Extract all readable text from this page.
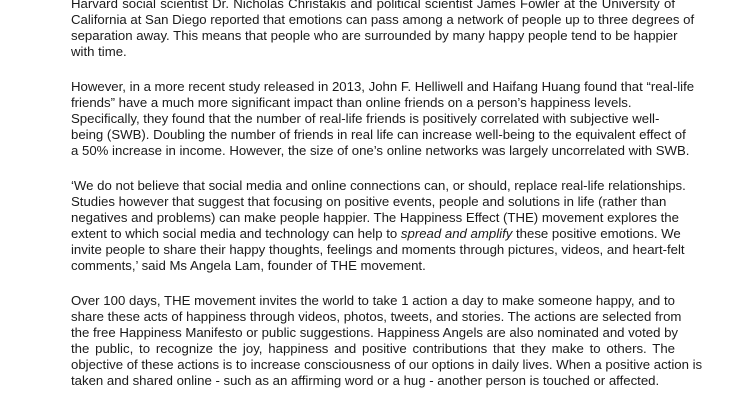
Harvard social scientist Dr. Nicholas Christakis and political scientist James Fowler at the University of
California at San Diego reported that emotions can pass among a network of people up to three degrees of
separation away. This means that people who are surrounded by many happy people tend to be happier
with time.
However, in a more recent study released in 2013, John F. Helliwell and Haifang Huang found that “real-life
friends” have a much more significant impact than online friends on a person’s happiness levels.
Specifically, they found that the number of real-life friends is positively correlated with subjective well-
being (SWB). Doubling the number of friends in real life can increase well-being to the equivalent effect of
a 50% increase in income. However, the size of one’s online networks was largely uncorrelated with SWB.
‘We do not believe that social media and online connections can, or should, replace real-life relationships.
Studies however that suggest that focusing on positive events, people and solutions in life (rather than
negatives and problems) can make people happier. The Happiness Effect (THE) movement explores the
extent to which social media and technology can help to spread and amplify these positive emotions. We
invite people to share their happy thoughts, feelings and moments through pictures, videos, and heart-felt
comments,’ said Ms Angela Lam, founder of THE movement.
Over 100 days, THE movement invites the world to take 1 action a day to make someone happy, and to
share these acts of happiness through videos, photos, tweets, and stories. The actions are selected from
the free Happiness Manifesto or public suggestions. Happiness Angels are also nominated and voted by
the public, to recognize the joy, happiness and positive contributions that they make to others. The
objective of these actions is to increase consciousness of our options in daily lives. When a positive action is
taken and shared online - such as an affirming word or a hug - another person is touched or affected.
